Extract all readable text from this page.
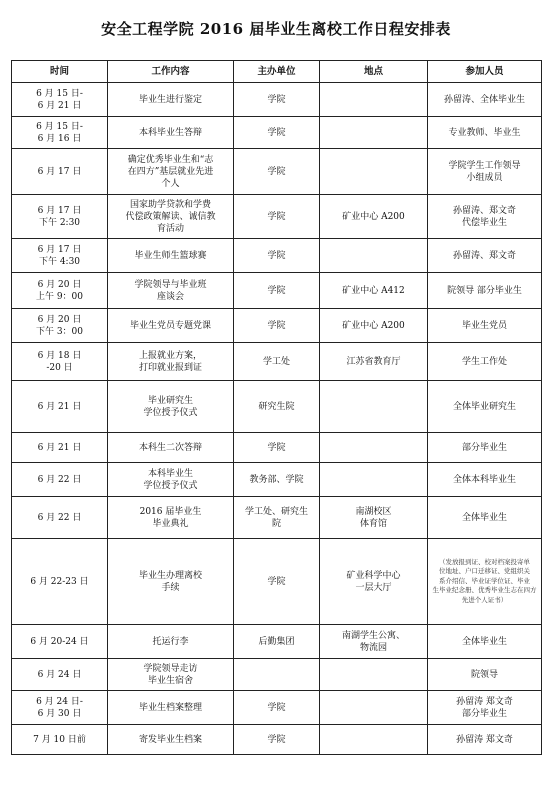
安全工程学院 2016 届毕业生离校工作日程安排表
时间	工作内容	主办单位	地点	参加人员

6 月 15 日-
6 月 21 日	毕业生进行鉴定	学院		孙留涛、全体毕业生

6 月 15 日-
6 月 16 日	本科毕业生答辩	学院		专业教师、毕业生

6 月 17 日	确定优秀毕业生和“志
在四方”基层就业先进
个人	学院		学院学生工作领导
小组成员

6 月 17 日
下午 2:30	国家助学贷款和学费
代偿政策解读、诚信教
育活动	学院	矿业中心 A200	孙留涛、郑文奇
代偿毕业生

6 月 17 日
下午 4:30	毕业生师生篮球赛	学院		孙留涛、郑文奇

6 月 20 日
上午 9：00	学院领导与毕业班
座谈会	学院	矿业中心 A412	院领导 部分毕业生

6 月 20 日
下午 3：00	毕业生党员专题党课	学院	矿业中心 A200	毕业生党员

6 月 18 日
-20 日	上报就业方案，
打印就业报到证	学工处	江苏省教育厅	学生工作处

6 月 21 日	毕业研究生
学位授予仪式	研究生院		全体毕业研究生

6 月 21 日	本科生二次答辩	学院		部分毕业生

6 月 22 日	本科毕业生
学位授予仪式	教务部、学院		全体本科毕业生

6 月 22 日	2016 届毕业生
毕业典礼	学工处、研究生
院	南湖校区
体育馆	全体毕业生

6 月 22-23 日	毕业生办理离校
手续	学院	矿业科学中心
一层大厅	（发放报到证、校对档案投寄单
位地址、户口迁移证、党组织关
系介绍信、毕业证学位证、毕业
生毕业纪念册、优秀毕业生志在四方
先进个人证书）

6 月 20-24 日	托运行李	后勤集团	南湖学生公寓、
物流园	全体毕业生

6 月 24 日	学院领导走访
毕业生宿舍			院领导

6 月 24 日-
6 月 30 日	毕业生档案整理	学院		孙留涛 郑文奇
部分毕业生

7 月 10 日前	寄发毕业生档案	学院		孙留涛 郑文奇
